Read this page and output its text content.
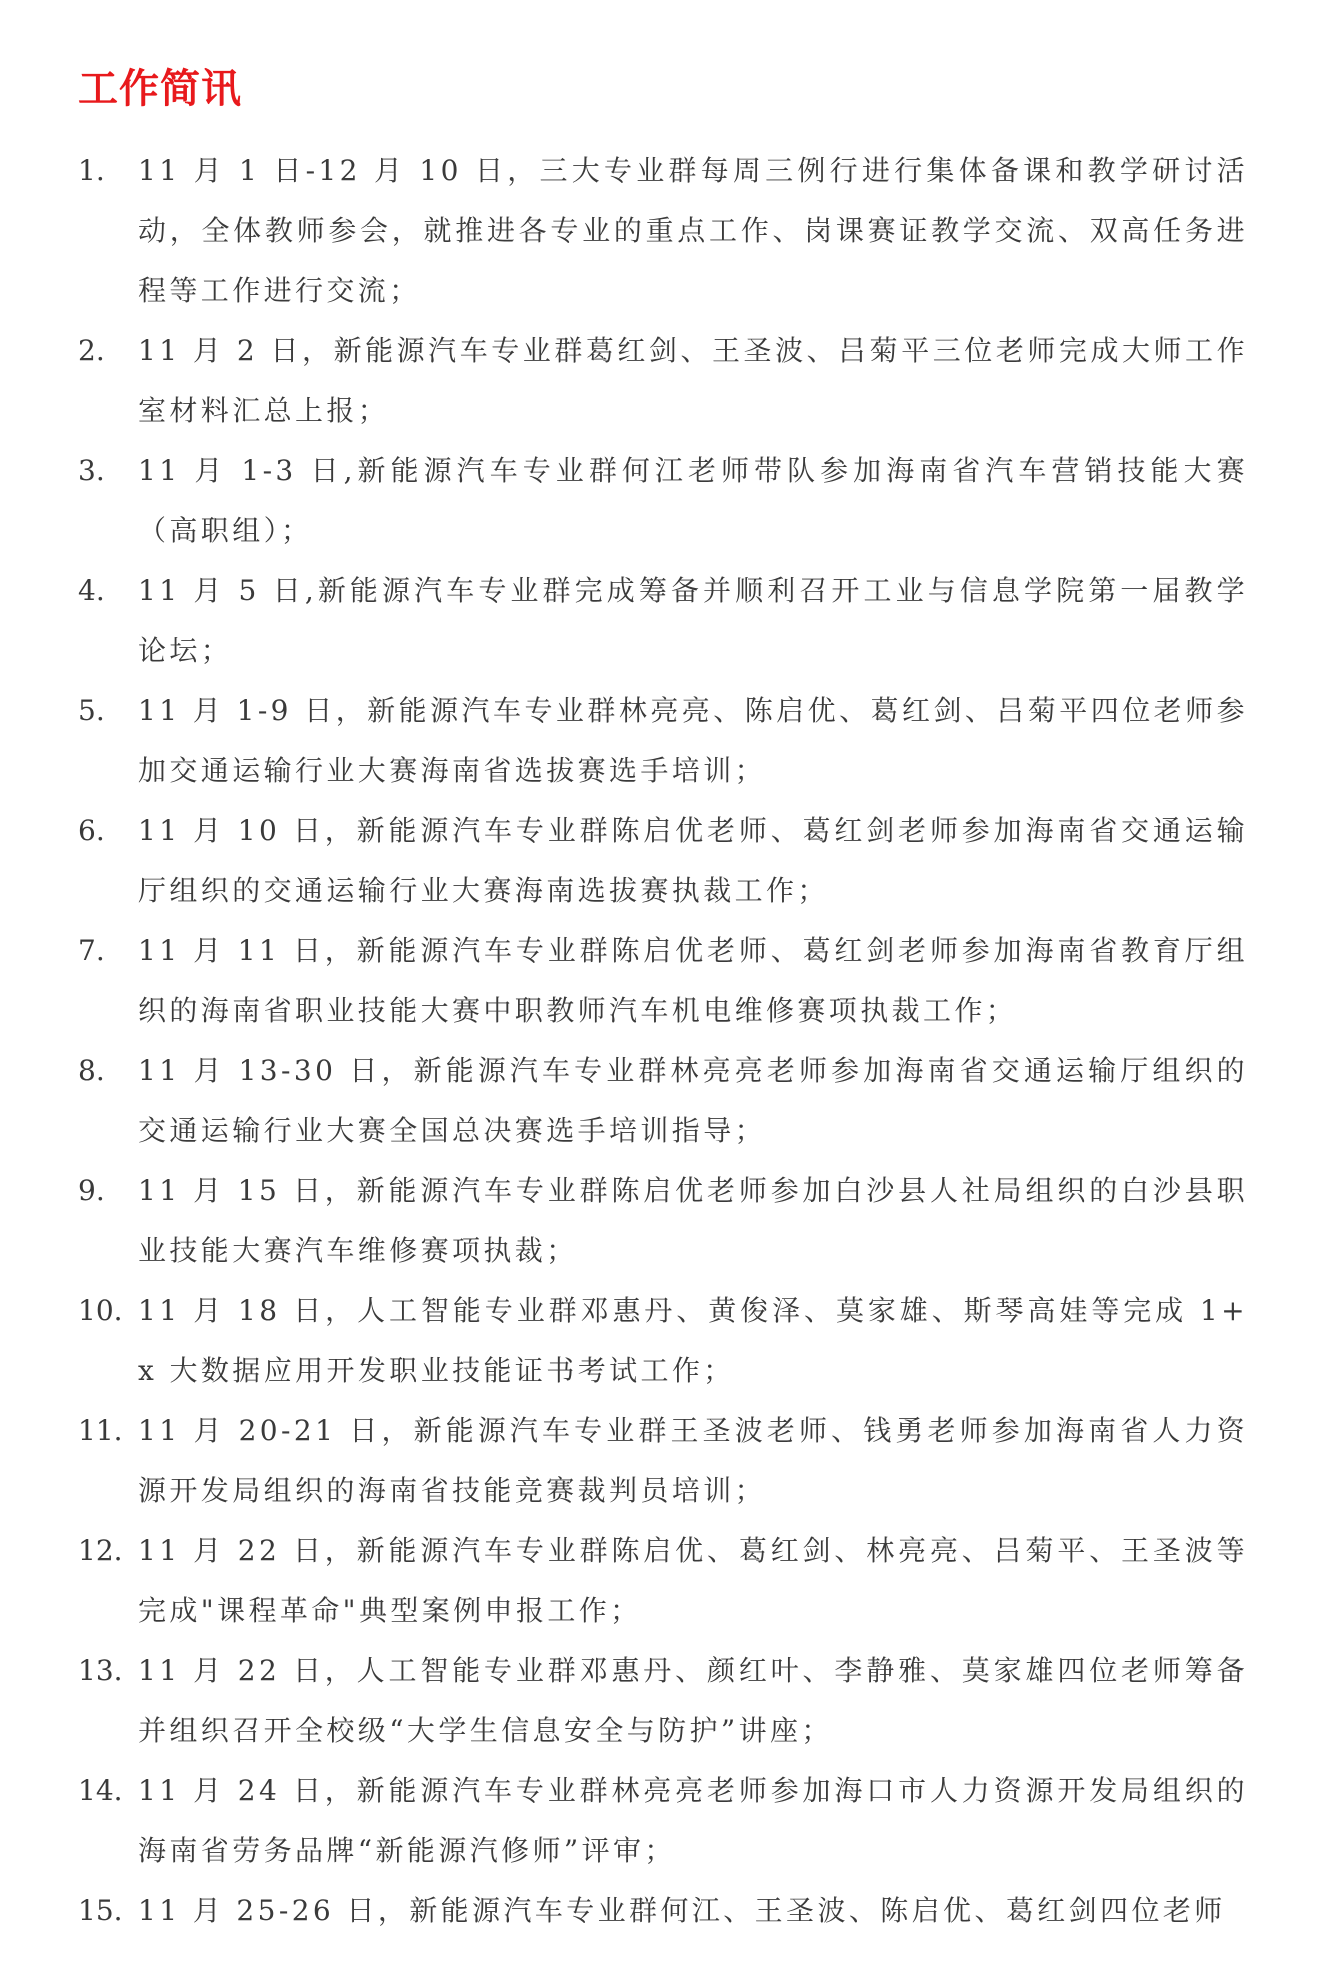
工作简讯
1.	11 月 1 日-12 月 10 日，三大专业群每周三例行进行集体备课和教学研讨活动，全体教师参会，就推进各专业的重点工作、岗课赛证教学交流、双高任务进程等工作进行交流；
2.	11 月 2 日，新能源汽车专业群葛红剑、王圣波、吕菊平三位老师完成大师工作室材料汇总上报；
3.	11 月 1-3 日,新能源汽车专业群何江老师带队参加海南省汽车营销技能大赛（高职组）；
4.	11 月 5 日,新能源汽车专业群完成筹备并顺利召开工业与信息学院第一届教学论坛；
5.	11 月 1-9 日，新能源汽车专业群林亮亮、陈启优、葛红剑、吕菊平四位老师参加交通运输行业大赛海南省选拔赛选手培训；
6.	11 月 10 日，新能源汽车专业群陈启优老师、葛红剑老师参加海南省交通运输厅组织的交通运输行业大赛海南选拔赛执裁工作；
7.	11 月 11 日，新能源汽车专业群陈启优老师、葛红剑老师参加海南省教育厅组织的海南省职业技能大赛中职教师汽车机电维修赛项执裁工作；
8.	11 月 13-30 日，新能源汽车专业群林亮亮老师参加海南省交通运输厅组织的交通运输行业大赛全国总决赛选手培训指导；
9.	11 月 15 日，新能源汽车专业群陈启优老师参加白沙县人社局组织的白沙县职业技能大赛汽车维修赛项执裁；
10. 11 月 18 日，人工智能专业群邓惠丹、黄俊泽、莫家雄、斯琴高娃等完成 1+x 大数据应用开发职业技能证书考试工作；
11. 11 月 20-21 日，新能源汽车专业群王圣波老师、钱勇老师参加海南省人力资源开发局组织的海南省技能竞赛裁判员培训；
12. 11 月 22 日，新能源汽车专业群陈启优、葛红剑、林亮亮、吕菊平、王圣波等完成"课程革命"典型案例申报工作；
13. 11 月 22 日，人工智能专业群邓惠丹、颜红叶、李静雅、莫家雄四位老师筹备并组织召开全校级“大学生信息安全与防护”讲座；
14. 11 月 24 日，新能源汽车专业群林亮亮老师参加海口市人力资源开发局组织的海南省劳务品牌“新能源汽修师”评审；
15. 11 月 25-26 日，新能源汽车专业群何江、王圣波、陈启优、葛红剑四位老师
